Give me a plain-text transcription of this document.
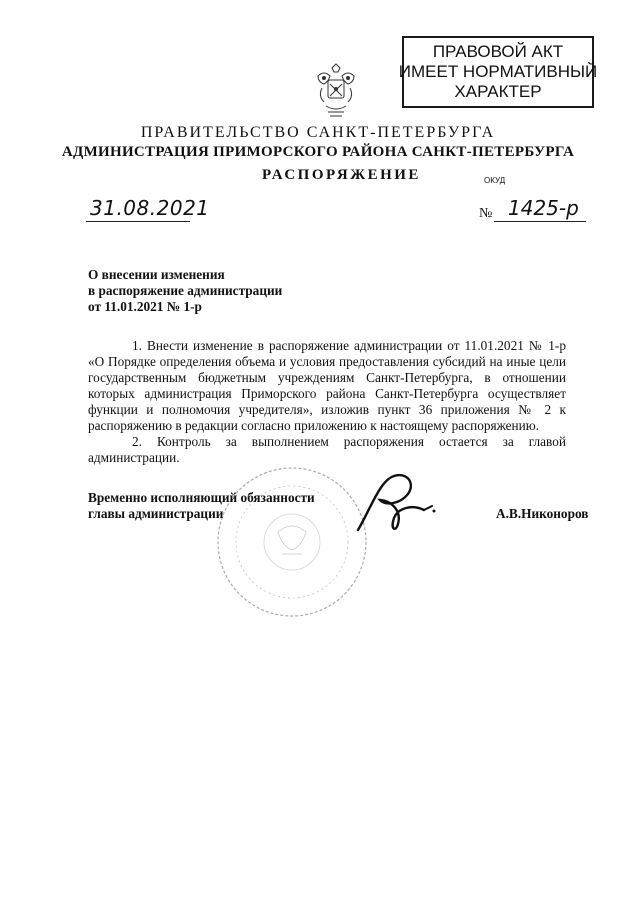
ПРАВОВОЙ АКТ
ИМЕЕТ НОРМАТИВНЫЙ
ХАРАКТЕР
ПРАВИТЕЛЬСТВО САНКТ-ПЕТЕРБУРГА
АДМИНИСТРАЦИЯ ПРИМОРСКОГО РАЙОНА САНКТ-ПЕТЕРБУРГА
РАСПОРЯЖЕНИЕ	ОКУД
31.08.2021	№ 1425-р
О внесении изменения
в распоряжение администрации
от 11.01.2021 № 1-р

1. Внести изменение в распоряжение администрации от 11.01.2021 № 1-р «О Порядке определения объема и условия предоставления субсидий на иные цели государственным бюджетным учреждениям Санкт-Петербурга, в отношении которых администрация Приморского района Санкт-Петербурга осуществляет функции и полномочия учредителя», изложив пункт 36 приложения № 2 к распоряжению в редакции согласно приложению к настоящему распоряжению.

2. Контроль за выполнением распоряжения остается за главой администрации.

Временно исполняющий обязанности
главы администрации	А.В.Никоноров
